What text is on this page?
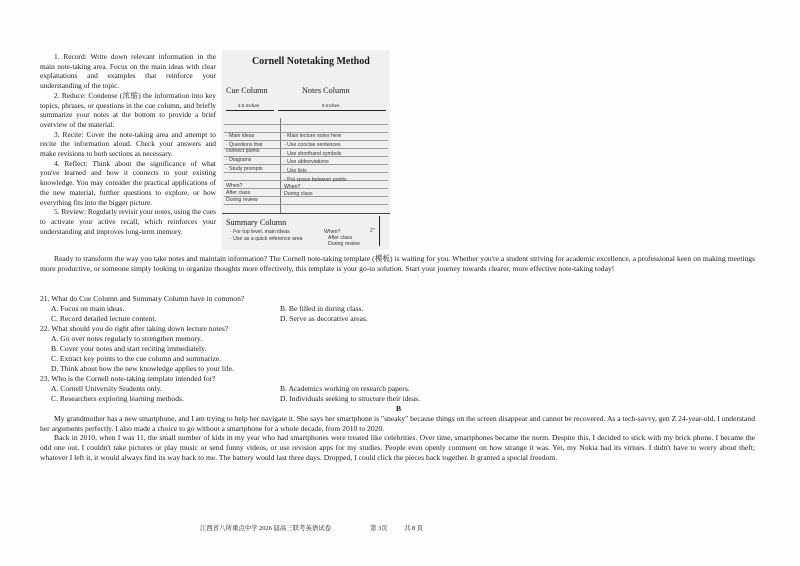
1. Record: Write down relevant information in the main note-taking area. Focus on the main ideas with clear explanations and examples that reinforce your understanding of the topic.

2. Reduce: Condense (浓缩) the information into key topics, phrases, or questions in the cue column, and briefly summarize your notes at the bottom to provide a brief overview of the material.

3. Recite: Cover the note-taking area and attempt to recite the information aloud. Check your answers and make revisions to both sections as necessary.

4. Reflect: Think about the significance of what you've learned and how it connects to your existing knowledge. You may consider the practical applications of the new material, further questions to explore, or how everything fits into the bigger picture.

5. Review: Regularly revisit your notes, using the cues to activate your active recall, which reinforces your understanding and improves long-term memory.

Cornell Notetaking Method
Cue Column	Notes Column
2.5 Inches	6 Inches
· Main ideas
· Questions that
connect points
· Diagrams
· Study prompts
When?
After class
During review
· Main lecture notes here
· Use concise sentences
· Use shorthand symbols
· Use abbreviations
· Use lists
· Put space between points
When?
During class
Summary Column
· For top level, main ideas
· Use as a quick reference area
When?
After class
During review
2"

Ready to transform the way you take notes and maintain information? The Cornell note-taking template (模板) is waiting for you. Whether you're a student striving for academic excellence, a professional keen on making meetings more productive, or someone simply looking to organize thoughts more effectively, this template is your go-to solution. Start your journey towards clearer, more effective note-taking today!

21. What do Cue Column and Summary Column have in common?
A. Focus on main ideas.	B. Be filled in during class.
C. Record detailed lecture content.	D. Serve as decorative areas.
22. What should you do right after taking down lecture notes?
A. Go over notes regularly to strengthen memory.
B. Cover your notes and start reciting immediately.
C. Extract key points to the cue column and summarize.
D. Think about how the new knowledge applies to your life.
23. Who is the Cornell note-taking template intended for?
A. Cornell University Students only.	B. Academics working on research papers.
C. Researchers exploring learning methods.	D. Individuals seeking to structure their ideas.
B

My grandmother has a new smartphone, and I am trying to help her navigate it. She says her smartphone is "sneaky" because things on the screen disappear and cannot be recovered. As a tech-savvy, gen Z 24-year-old, I understand her arguments perfectly. I also made a choice to go without a smartphone for a whole decade, from 2010 to 2020.

Back in 2010, when I was 11, the small number of kids in my year who had smartphones were treated like celebrities. Over time, smartphones became the norm. Despite this, I decided to stick with my brick phone. I became the odd one out. I couldn't take pictures or play music or send funny videos, or use revision apps for my studies. People even openly comment on how strange it was. Yet, my Nokia had its virtues. I didn't have to worry about theft; whatever I left it, it would always find its way back to me. The battery would last three days. Dropped, I could click the pieces back together. It granted a special freedom.

江西省八所重点中学 2026 届高三联考英语试卷	第 3页	共 8 页
